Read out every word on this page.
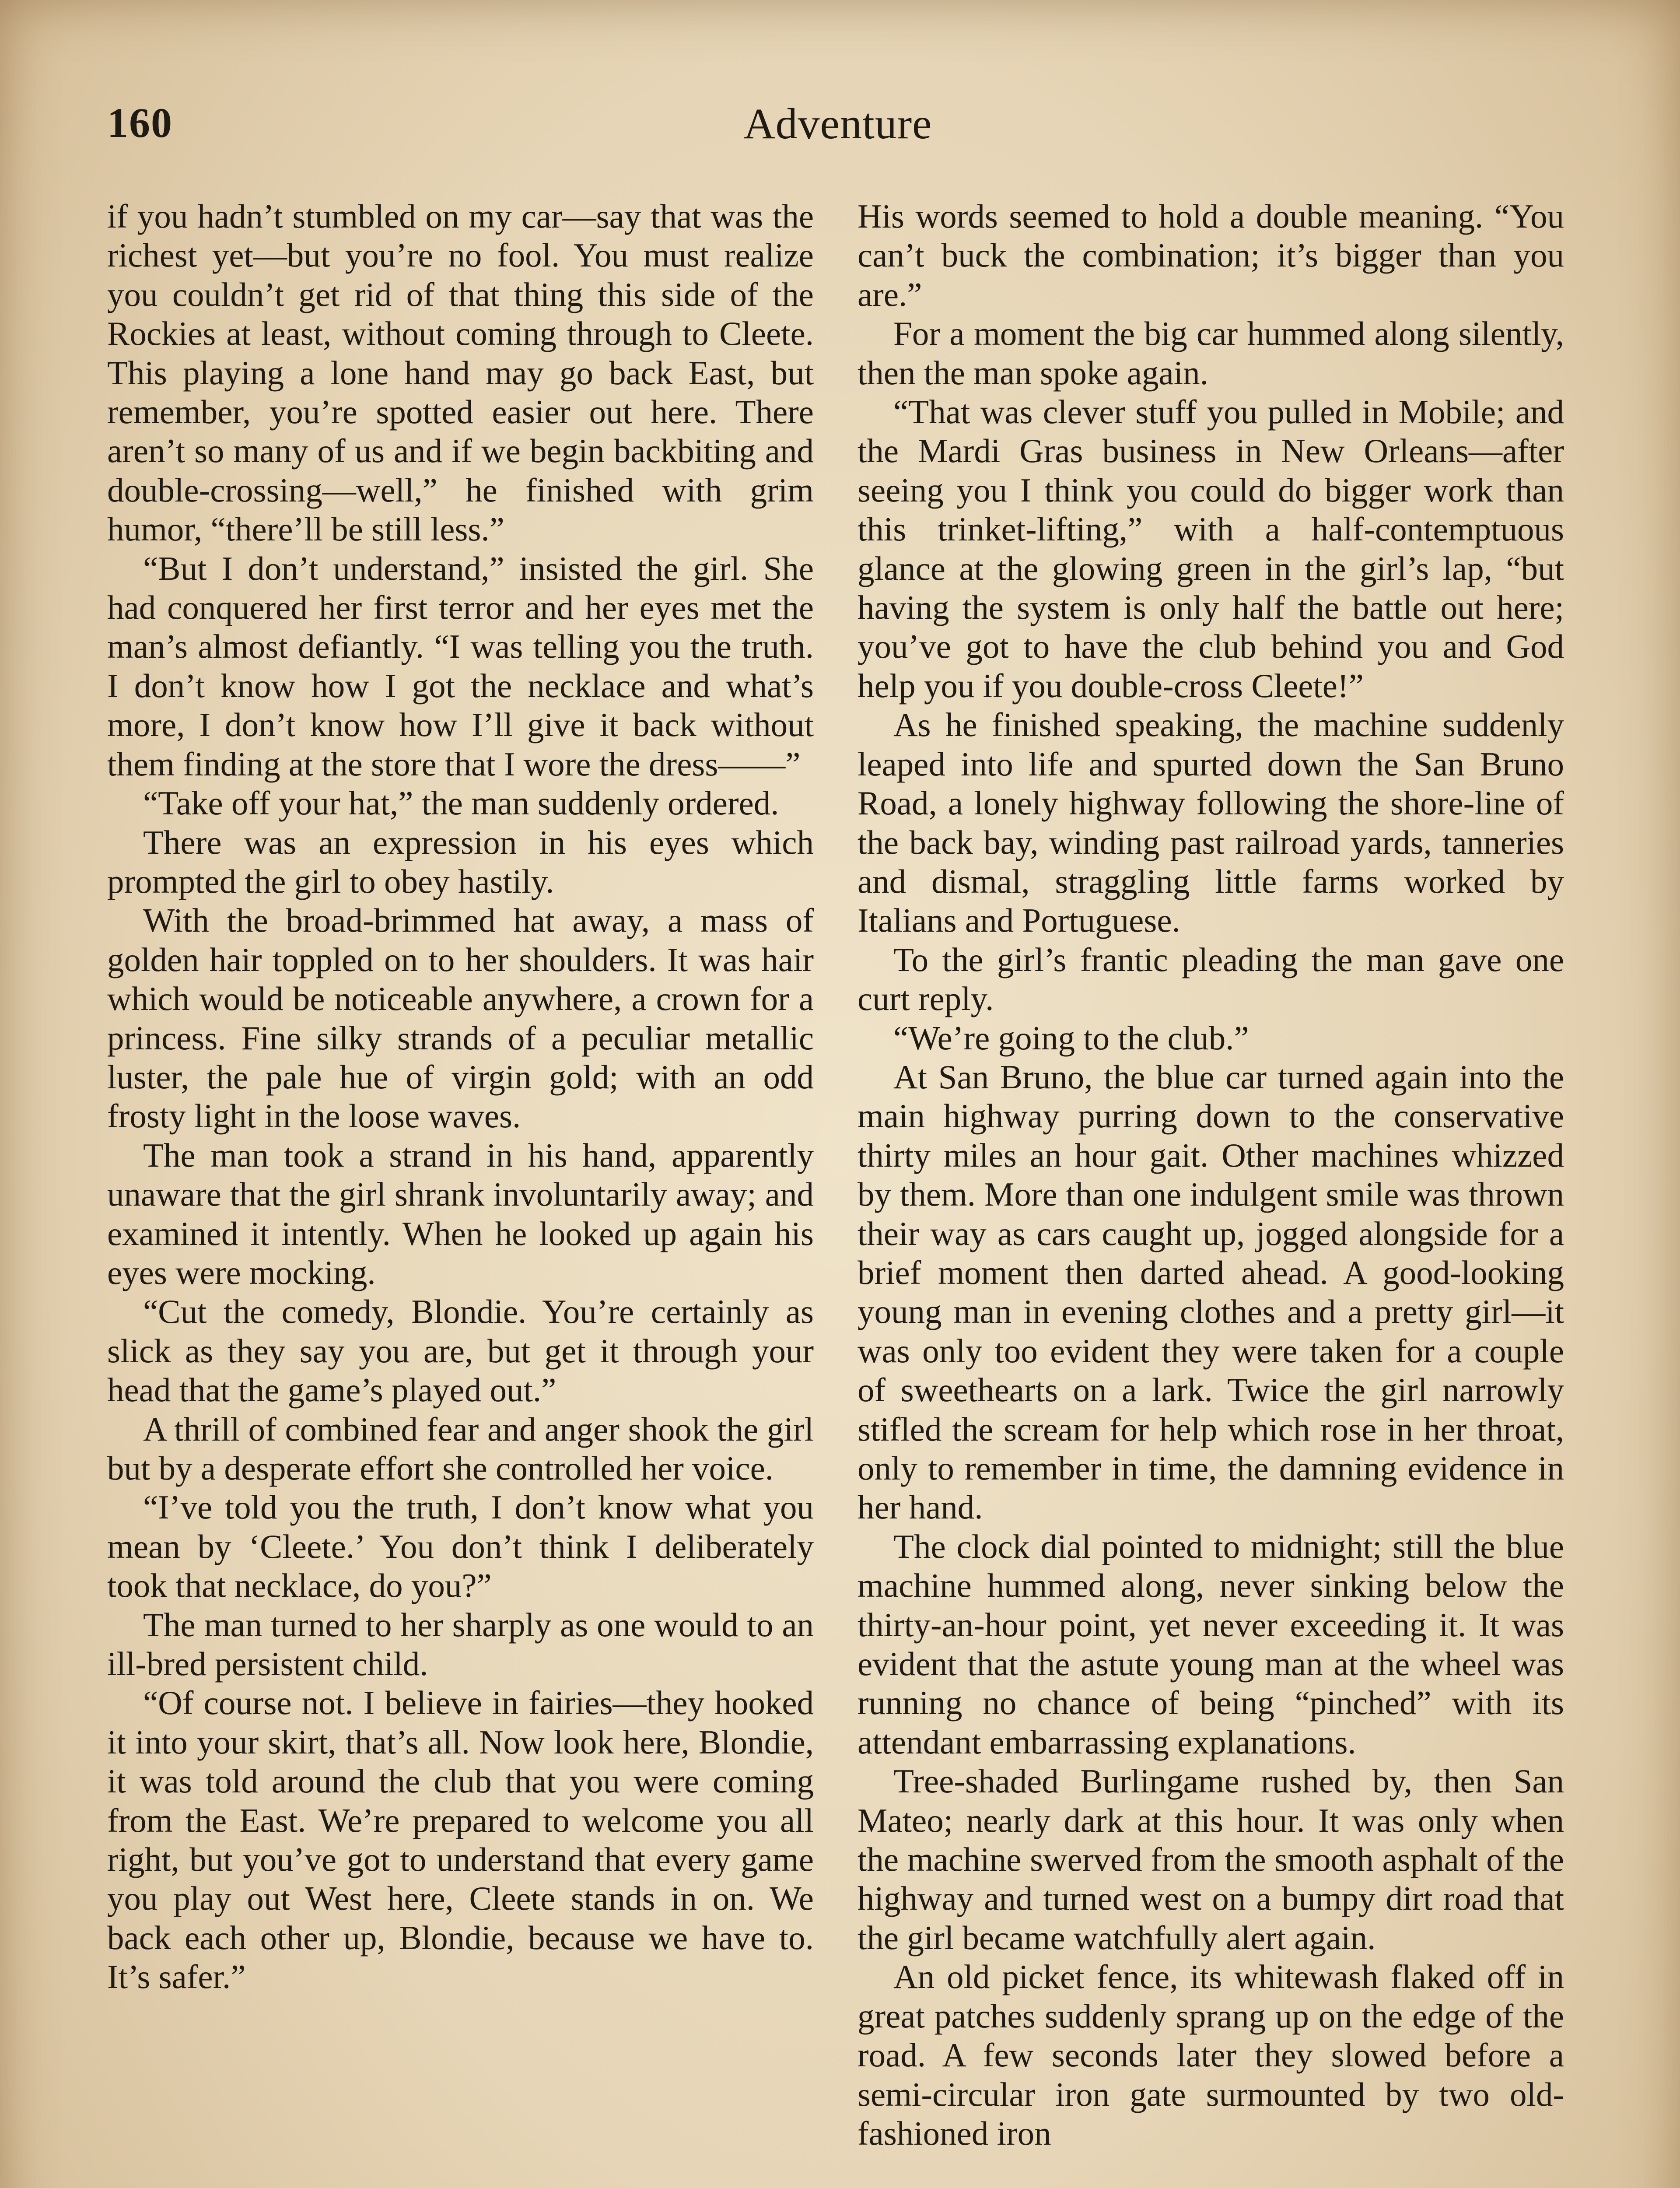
160	Adventure

if you hadn’t stumbled on my car—say that was the richest yet—but you’re no fool. You must realize you couldn’t get rid of that thing this side of the Rockies at least, without coming through to Cleete. This playing a lone hand may go back East, but remember, you’re spotted easier out here. There aren’t so many of us and if we begin backbiting and double-crossing—well,” he finished with grim humor, “there’ll be still less.”

“But I don’t understand,” insisted the girl. She had conquered her first terror and her eyes met the man’s almost defiantly. “I was telling you the truth. I don’t know how I got the necklace and what’s more, I don’t know how I’ll give it back without them finding at the store that I wore the dress——”

“Take off your hat,” the man suddenly ordered.

There was an expression in his eyes which prompted the girl to obey hastily.

With the broad-brimmed hat away, a mass of golden hair toppled on to her shoulders. It was hair which would be noticeable anywhere, a crown for a princess. Fine silky strands of a peculiar metallic luster, the pale hue of virgin gold; with an odd frosty light in the loose waves.

The man took a strand in his hand, apparently unaware that the girl shrank involuntarily away; and examined it intently. When he looked up again his eyes were mocking.

“Cut the comedy, Blondie. You’re certainly as slick as they say you are, but get it through your head that the game’s played out.”

A thrill of combined fear and anger shook the girl but by a desperate effort she controlled her voice.

“I’ve told you the truth, I don’t know what you mean by ‘Cleete.’ You don’t think I deliberately took that necklace, do you?”

The man turned to her sharply as one would to an ill-bred persistent child.

“Of course not. I believe in fairies—they hooked it into your skirt, that’s all. Now look here, Blondie, it was told around the club that you were coming from the East. We’re prepared to welcome you all right, but you’ve got to understand that every game you play out West here, Cleete stands in on. We back each other up, Blondie, because we have to. It’s safer.”

His words seemed to hold a double meaning. “You can’t buck the combination; it’s bigger than you are.”

For a moment the big car hummed along silently, then the man spoke again.

“That was clever stuff you pulled in Mobile; and the Mardi Gras business in New Orleans—after seeing you I think you could do bigger work than this trinket-lifting,” with a half-contemptuous glance at the glowing green in the girl’s lap, “but having the system is only half the battle out here; you’ve got to have the club behind you and God help you if you double-cross Cleete!”

As he finished speaking, the machine suddenly leaped into life and spurted down the San Bruno Road, a lonely highway following the shore-line of the back bay, winding past railroad yards, tanneries and dismal, straggling little farms worked by Italians and Portuguese.

To the girl’s frantic pleading the man gave one curt reply.

“We’re going to the club.”

At San Bruno, the blue car turned again into the main highway purring down to the conservative thirty miles an hour gait. Other machines whizzed by them. More than one indulgent smile was thrown their way as cars caught up, jogged alongside for a brief moment then darted ahead. A good-looking young man in evening clothes and a pretty girl—it was only too evident they were taken for a couple of sweethearts on a lark. Twice the girl narrowly stifled the scream for help which rose in her throat, only to remember in time, the damning evidence in her hand.

The clock dial pointed to midnight; still the blue machine hummed along, never sinking below the thirty-an-hour point, yet never exceeding it. It was evident that the astute young man at the wheel was running no chance of being “pinched” with its attendant embarrassing explanations.

Tree-shaded Burlingame rushed by, then San Mateo; nearly dark at this hour. It was only when the machine swerved from the smooth asphalt of the highway and turned west on a bumpy dirt road that the girl became watchfully alert again.

An old picket fence, its whitewash flaked off in great patches suddenly sprang up on the edge of the road. A few seconds later they slowed before a semi-circular iron gate surmounted by two old-fashioned iron
